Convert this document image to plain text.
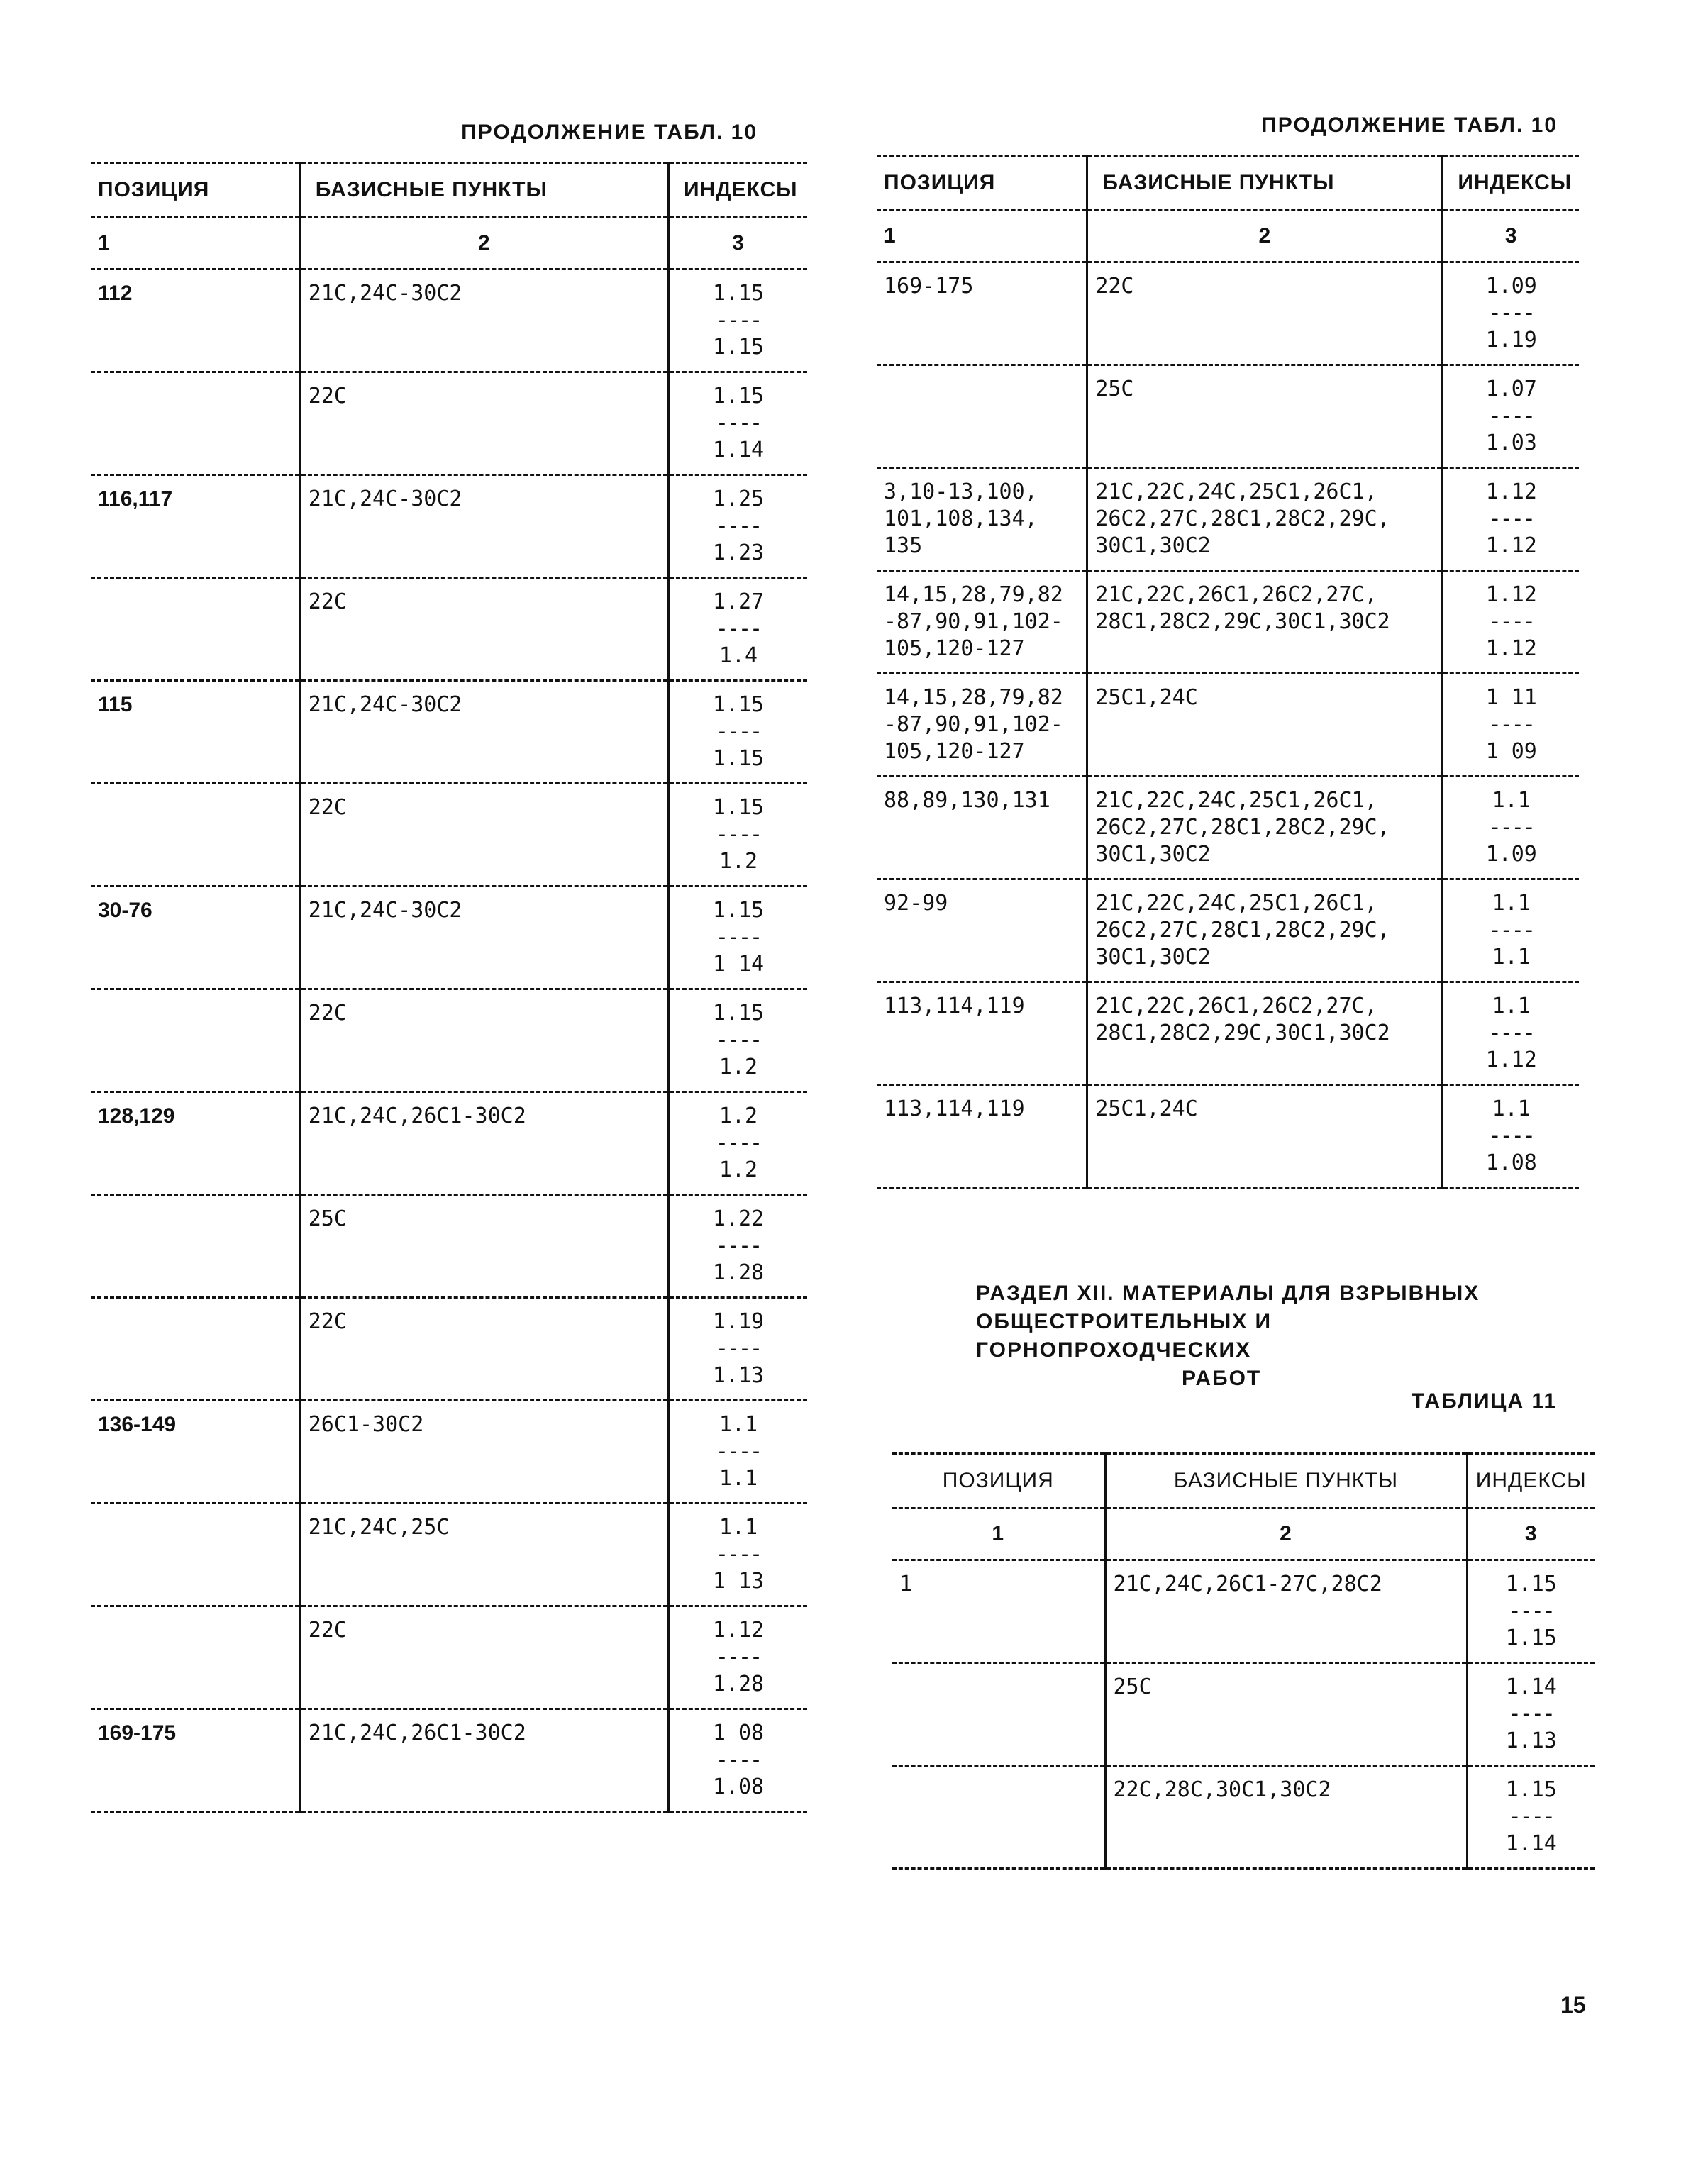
ПРОДОЛЖЕНИЕ ТАБЛ. 10
ПОЗИЦИЯ	БАЗИСНЫЕ ПУНКТЫ	ИНДЕКСЫ
1	2	3
112	21С,24С-30С2	1.15
----
1.15

	22С	1.15
----
1.14

116,117	21С,24С-30С2	1.25
----
1.23

	22С	1.27
----
1.4

115	21С,24С-30С2	1.15
----
1.15

	22С	1.15
----
1.2

30-76	21С,24С-30С2	1.15
----
1 14

	22С	1.15
----
1.2

128,129	21С,24С,26С1-30С2	1.2
----
1.2

	25С	1.22
----
1.28

	22С	1.19
----
1.13

136-149	26С1-30С2	1.1
----
1.1

	21С,24С,25С	1.1
----
1 13

	22С	1.12
----
1.28

169-175	21С,24С,26С1-30С2	1 08
----
1.08
ПРОДОЛЖЕНИЕ ТАБЛ. 10
ПОЗИЦИЯ	БАЗИСНЫЕ ПУНКТЫ	ИНДЕКСЫ
1	2	3
169-175	22С	1.09
----
1.19

	25С	1.07
----
1.03

3,10-13,100,
101,108,134,
135	21С,22С,24С,25С1,26С1,
26С2,27С,28С1,28С2,29С,
30С1,30С2	1.12
----
1.12

14,15,28,79,82
-87,90,91,102-
105,120-127	21С,22С,26С1,26С2,27С,
28С1,28С2,29С,30С1,30С2	1.12
----
1.12

14,15,28,79,82
-87,90,91,102-
105,120-127	25С1,24С	1 11
----
1 09

88,89,130,131	21С,22С,24С,25С1,26С1,
26С2,27С,28С1,28С2,29С,
30С1,30С2	1.1
----
1.09

92-99	21С,22С,24С,25С1,26С1,
26С2,27С,28С1,28С2,29С,
30С1,30С2	1.1
----
1.1

113,114,119	21С,22С,26С1,26С2,27С,
28С1,28С2,29С,30С1,30С2	1.1
----
1.12

113,114,119	25С1,24С	1.1
----
1.08
РАЗДЕЛ XII. МАТЕРИАЛЫ ДЛЯ ВЗРЫВНЫХ
ОБЩЕСТРОИТЕЛЬНЫХ И ГОРНОПРОХОДЧЕСКИХ
РАБОТ
ТАБЛИЦА 11
ПОЗИЦИЯ	БАЗИСНЫЕ ПУНКТЫ	ИНДЕКСЫ
1	2	3
1	21С,24С,26С1-27С,28С2	1.15
----
1.15

	25С	1.14
----
1.13

	22С,28С,30С1,30С2	1.15
----
1.14
15
